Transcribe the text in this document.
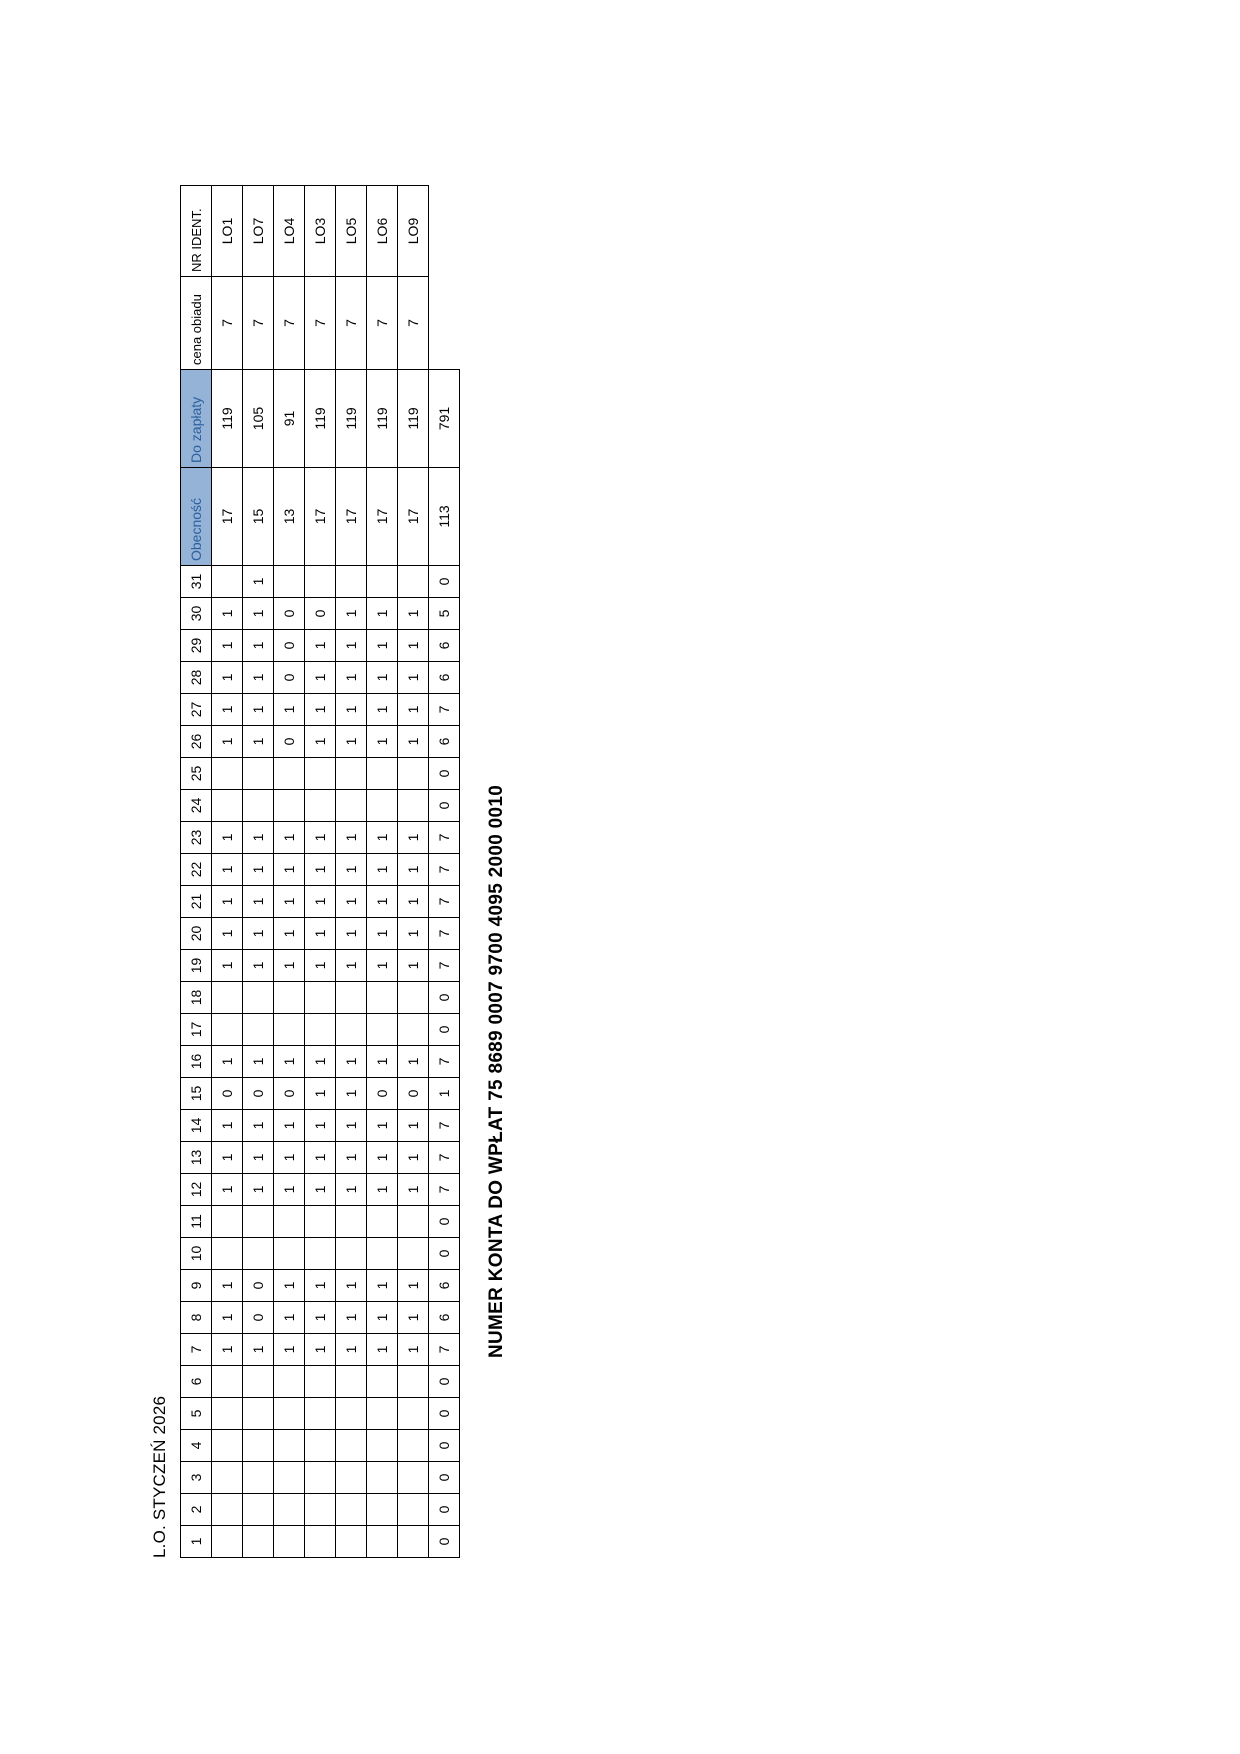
L.O. STYCZEŃ 2026 1	2	3	4	5	6	7	8	9	10	11	12	13	14	15	16	17	18	19	20	21	22	23	24	25	26	27	28	29	30	31	Obecność	Do zapłaty	cena obiadu	NR IDENT.
						1	1	1			1	1	1	0	1			1	1	1	1	1			1	1	1	1	1		17	119	7	LO1
						1	0	0			1	1	1	0	1			1	1	1	1	1			1	1	1	1	1	1	15	105	7	LO7
						1	1	1			1	1	1	0	1			1	1	1	1	1			0	1	0	0	0		13	91	7	LO4
						1	1	1			1	1	1	1	1			1	1	1	1	1			1	1	1	1	0		17	119	7	LO3
						1	1	1			1	1	1	1	1			1	1	1	1	1			1	1	1	1	1		17	119	7	LO5
						1	1	1			1	1	1	0	1			1	1	1	1	1			1	1	1	1	1		17	119	7	LO6
						1	1	1			1	1	1	0	1			1	1	1	1	1			1	1	1	1	1		17	119	7	LO9
0	0	0	0	0	0	7	6	6	0	0	7	7	7	1	7	0	0	7	7	7	7	7	0	0	6	7	6	6	5	0	113	791		
NUMER KONTA DO WPŁAT 75 8689 0007 9700 4095 2000 0010
